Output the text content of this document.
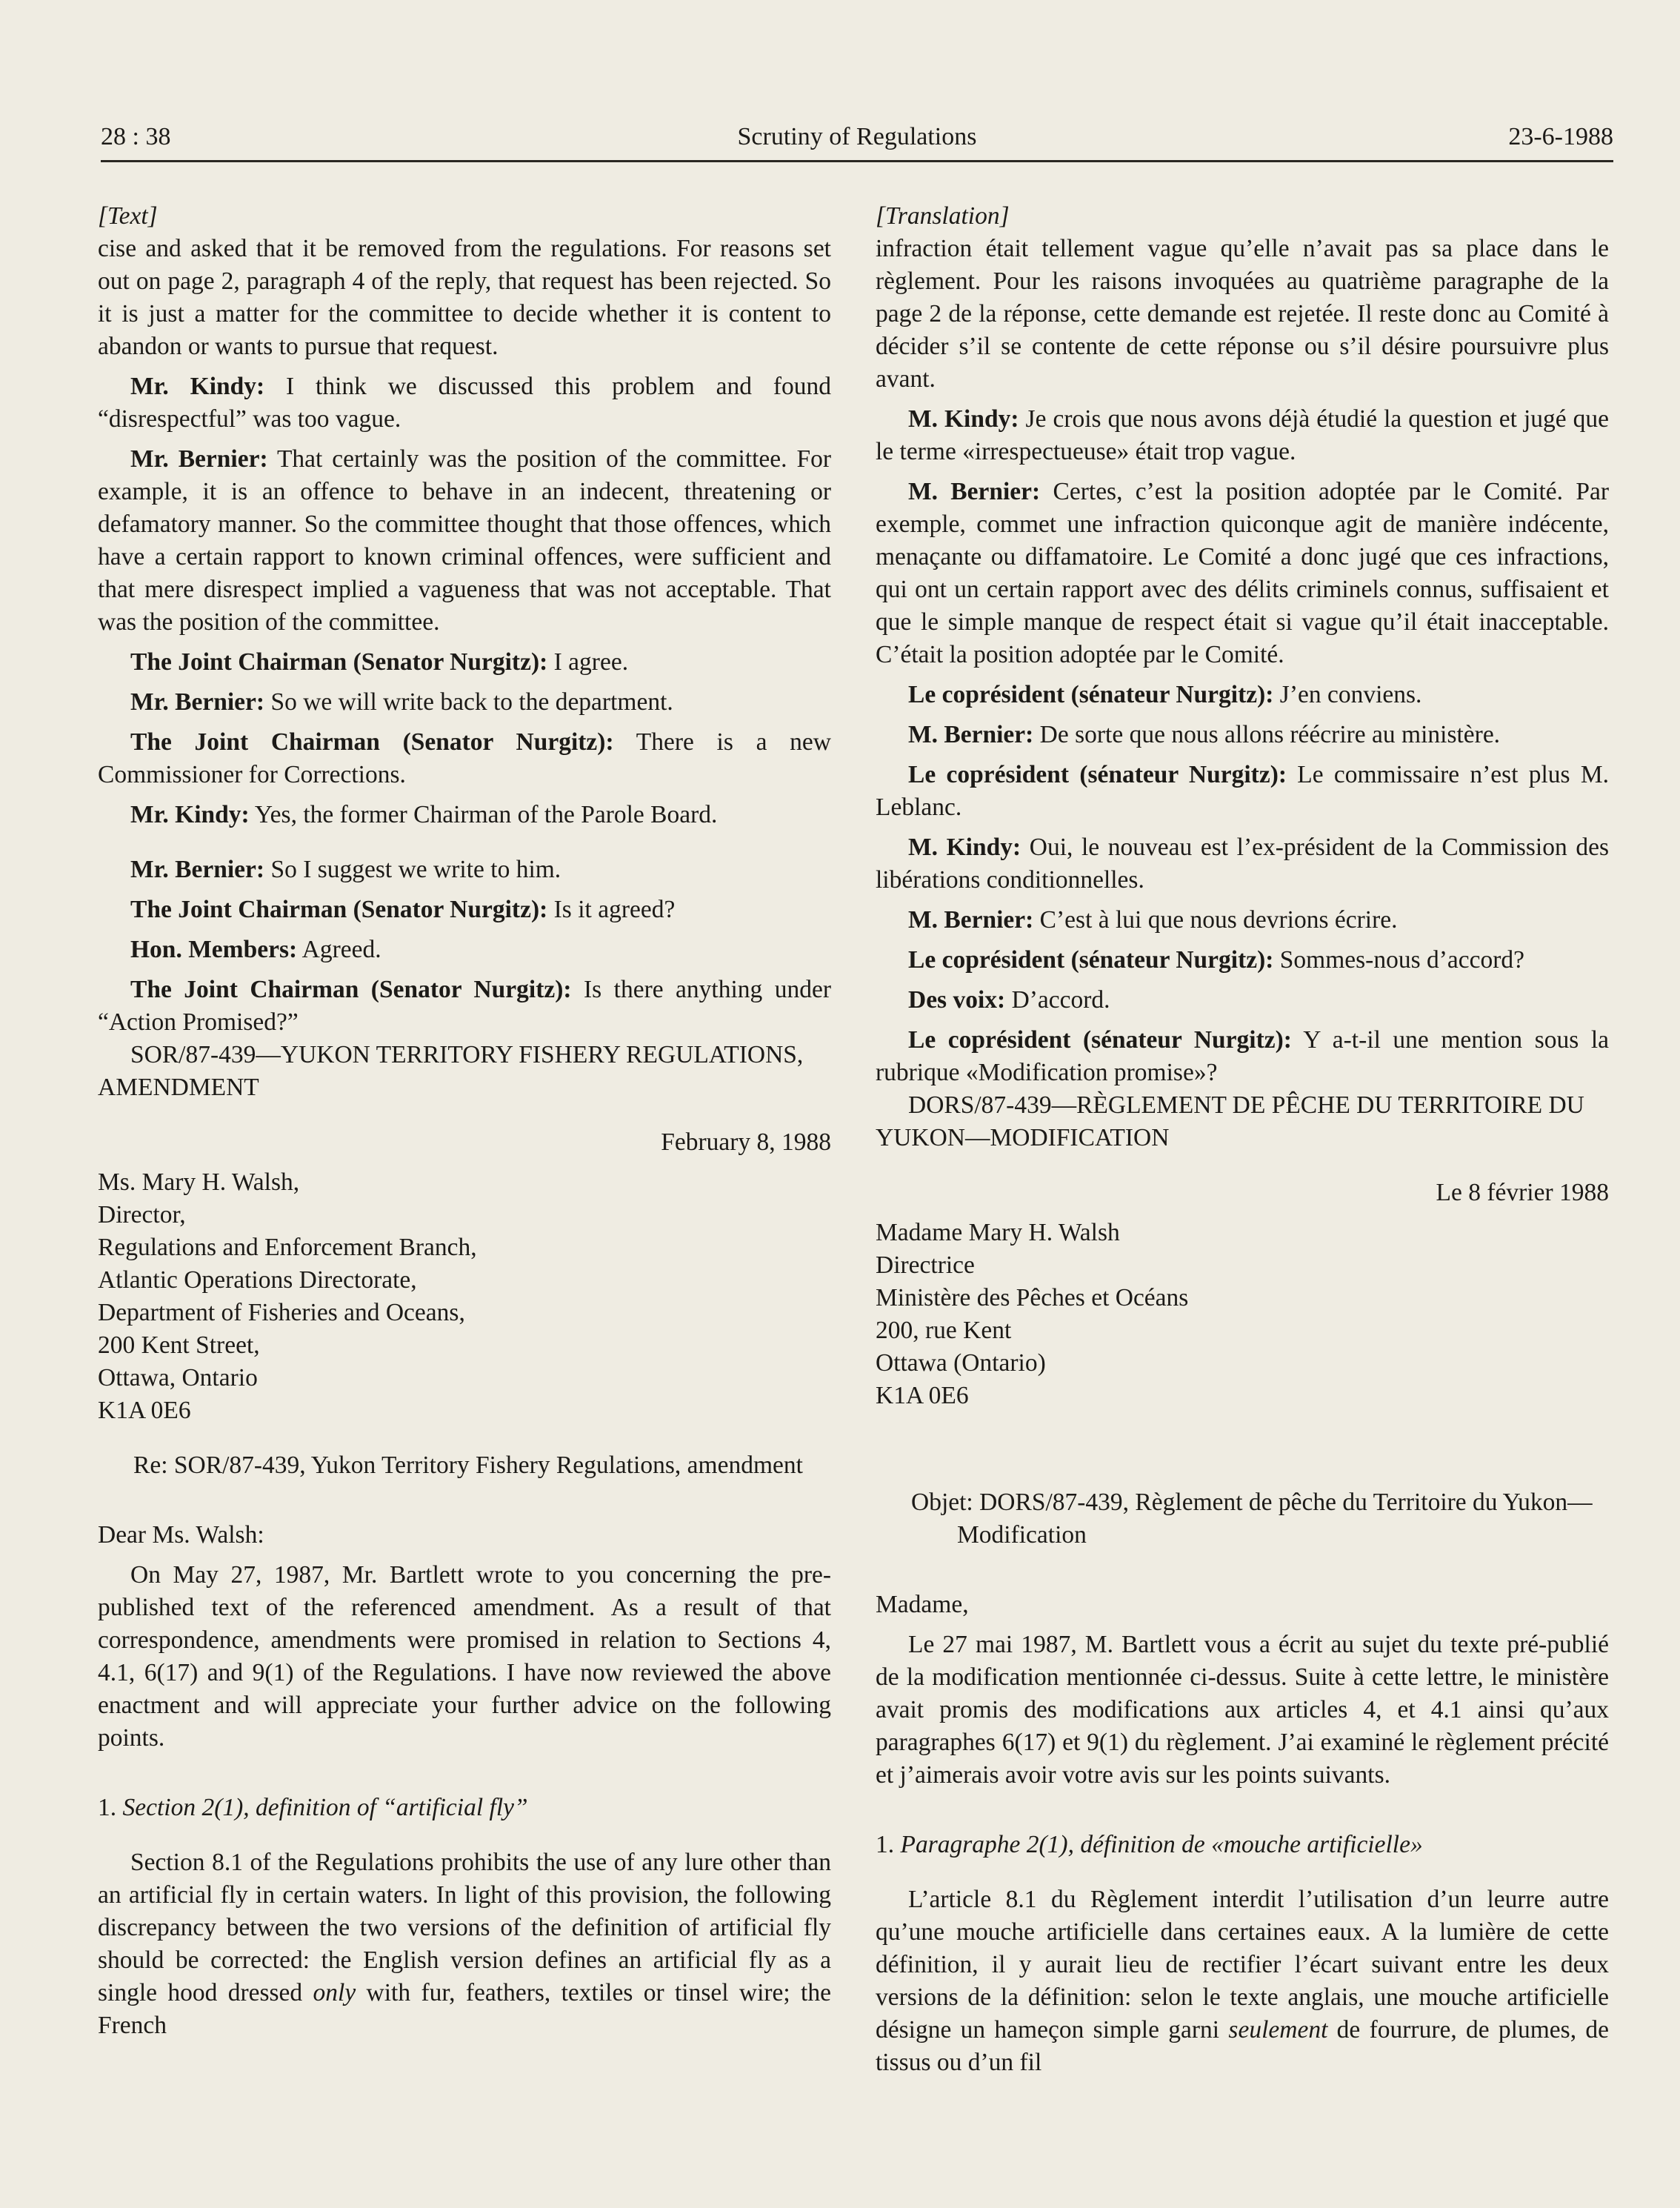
28 : 38	Scrutiny of Regulations	23-6-1988

[Text]

cise and asked that it be removed from the regulations. For reasons set out on page 2, paragraph 4 of the reply, that request has been rejected. So it is just a matter for the committee to decide whether it is content to abandon or wants to pursue that request.

Mr. Kindy: I think we discussed this problem and found “disrespectful” was too vague.

Mr. Bernier: That certainly was the position of the committee. For example, it is an offence to behave in an indecent, threatening or defamatory manner. So the committee thought that those offences, which have a certain rapport to known criminal offences, were sufficient and that mere disrespect implied a vagueness that was not acceptable. That was the position of the committee.

The Joint Chairman (Senator Nurgitz): I agree.

Mr. Bernier: So we will write back to the department.

The Joint Chairman (Senator Nurgitz): There is a new Commissioner for Corrections.

Mr. Kindy: Yes, the former Chairman of the Parole Board.

Mr. Bernier: So I suggest we write to him.

The Joint Chairman (Senator Nurgitz): Is it agreed?

Hon. Members: Agreed.

The Joint Chairman (Senator Nurgitz): Is there anything under “Action Promised?”

SOR/87-439—YUKON TERRITORY FISHERY REGULATIONS, AMENDMENT

February 8, 1988

Ms. Mary H. Walsh,

Director,

Regulations and Enforcement Branch,

Atlantic Operations Directorate,

Department of Fisheries and Oceans,

200 Kent Street,

Ottawa, Ontario

K1A 0E6

Re: SOR/87-439, Yukon Territory Fishery Regulations, amendment

Dear Ms. Walsh:

On May 27, 1987, Mr. Bartlett wrote to you concerning the pre-published text of the referenced amendment. As a result of that correspondence, amendments were promised in relation to Sections 4, 4.1, 6(17) and 9(1) of the Regulations. I have now reviewed the above enactment and will appreciate your further advice on the following points.

1. Section 2(1), definition of “artificial fly”

Section 8.1 of the Regulations prohibits the use of any lure other than an artificial fly in certain waters. In light of this provision, the following discrepancy between the two versions of the definition of artificial fly should be corrected: the English version defines an artificial fly as a single hood dressed only with fur, feathers, textiles or tinsel wire; the French

[Translation]

infraction était tellement vague qu’elle n’avait pas sa place dans le règlement. Pour les raisons invoquées au quatrième paragraphe de la page 2 de la réponse, cette demande est rejetée. Il reste donc au Comité à décider s’il se contente de cette réponse ou s’il désire poursuivre plus avant.

M. Kindy: Je crois que nous avons déjà étudié la question et jugé que le terme «irrespectueuse» était trop vague.

M. Bernier: Certes, c’est la position adoptée par le Comité. Par exemple, commet une infraction quiconque agit de manière indécente, menaçante ou diffamatoire. Le Comité a donc jugé que ces infractions, qui ont un certain rapport avec des délits criminels connus, suffisaient et que le simple manque de respect était si vague qu’il était inacceptable. C’était la position adoptée par le Comité.

Le coprésident (sénateur Nurgitz): J’en conviens.

M. Bernier: De sorte que nous allons réécrire au ministère.

Le coprésident (sénateur Nurgitz): Le commissaire n’est plus M. Leblanc.

M. Kindy: Oui, le nouveau est l’ex-président de la Commission des libérations conditionnelles.

M. Bernier: C’est à lui que nous devrions écrire.

Le coprésident (sénateur Nurgitz): Sommes-nous d’accord?

Des voix: D’accord.

Le coprésident (sénateur Nurgitz): Y a-t-il une mention sous la rubrique «Modification promise»?

DORS/87-439—RÈGLEMENT DE PÊCHE DU TERRITOIRE DU YUKON—MODIFICATION

Le 8 février 1988

Madame Mary H. Walsh

Directrice

Ministère des Pêches et Océans

200, rue Kent

Ottawa (Ontario)

K1A 0E6

Objet: DORS/87-439, Règlement de pêche du Territoire du Yukon—Modification

Madame,

Le 27 mai 1987, M. Bartlett vous a écrit au sujet du texte pré-publié de la modification mentionnée ci-dessus. Suite à cette lettre, le ministère avait promis des modifications aux articles 4, et 4.1 ainsi qu’aux paragraphes 6(17) et 9(1) du règlement. J’ai examiné le règlement précité et j’aimerais avoir votre avis sur les points suivants.

1. Paragraphe 2(1), définition de «mouche artificielle»

L’article 8.1 du Règlement interdit l’utilisation d’un leurre autre qu’une mouche artificielle dans certaines eaux. A la lumière de cette définition, il y aurait lieu de rectifier l’écart suivant entre les deux versions de la définition: selon le texte anglais, une mouche artificielle désigne un hameçon simple garni seulement de fourrure, de plumes, de tissus ou d’un fil
